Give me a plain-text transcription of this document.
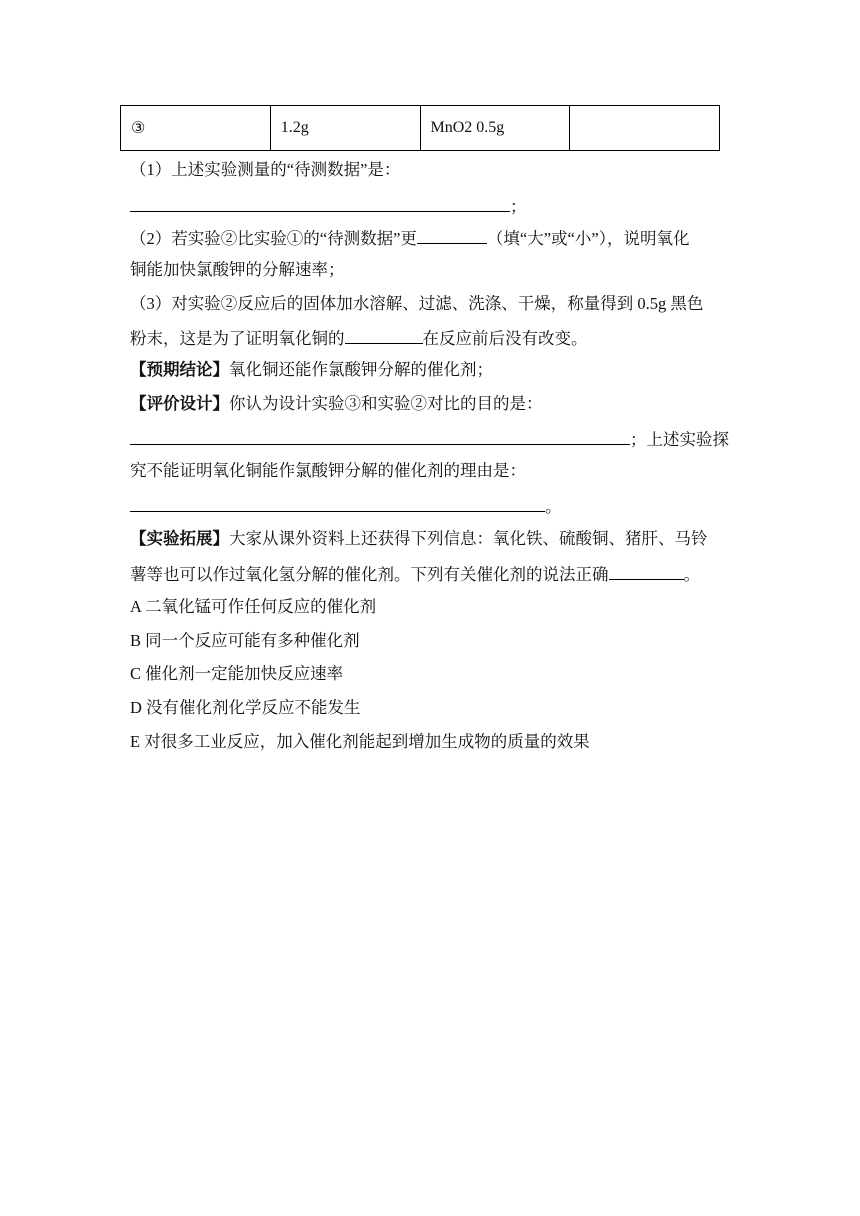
③	1.2g	MnO2 0.5g	
（1）上述实验测量的“待测数据”是：
；
（2）若实验②比实验①的“待测数据”更	（填“大”或“小”），说明氧化
铜能加快氯酸钾的分解速率；
（3）对实验②反应后的固体加水溶解、过滤、洗涤、干燥，称量得到 0.5g 黑色
粉末，这是为了证明氧化铜的	在反应前后没有改变。
【预期结论】氧化铜还能作氯酸钾分解的催化剂；
【评价设计】你认为设计实验③和实验②对比的目的是：
；上述实验探
究不能证明氧化铜能作氯酸钾分解的催化剂的理由是：
。
【实验拓展】大家从课外资料上还获得下列信息：氧化铁、硫酸铜、猪肝、马铃
薯等也可以作过氧化氢分解的催化剂。下列有关催化剂的说法正确	。
A 二氧化锰可作任何反应的催化剂
B 同一个反应可能有多种催化剂
C 催化剂一定能加快反应速率
D 没有催化剂化学反应不能发生
E 对很多工业反应，加入催化剂能起到增加生成物的质量的效果
